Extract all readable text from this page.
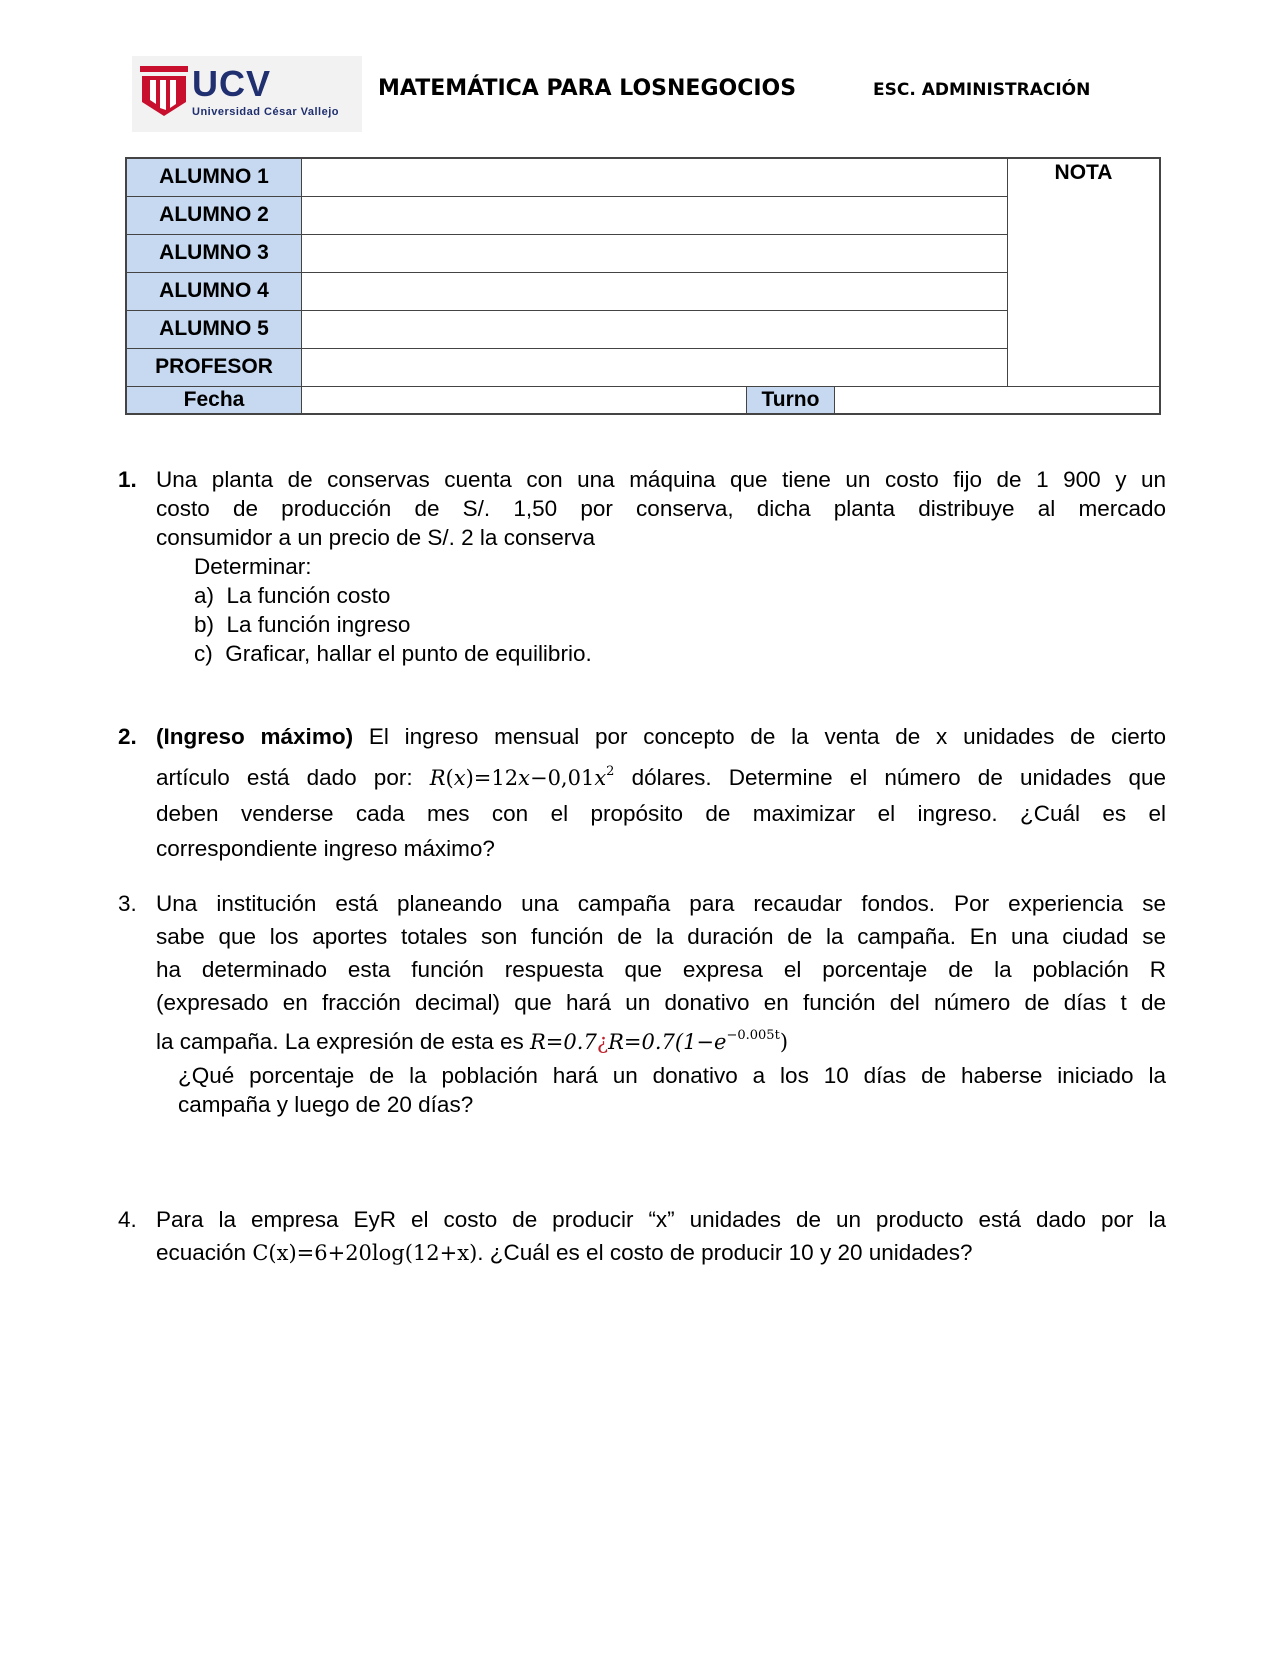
UCV
Universidad César Vallejo
MATEMÁTICA PARA LOSNEGOCIOS	ESC. ADMINISTRACIÓN
ALUMNO 1
ALUMNO 2
ALUMNO 3
ALUMNO 4
ALUMNO 5
PROFESOR
NOTA
Fecha	Turno
1. Una planta de conservas cuenta con una máquina que tiene un costo fijo de 1 900 y un
costo de producción de S/. 1,50 por conserva, dicha planta distribuye al mercado
consumidor a un precio de S/. 2 la conserva
Determinar:
a)  La función costo
b)  La función ingreso
c)  Graficar, hallar el punto de equilibrio.
2. (Ingreso máximo) El ingreso mensual por concepto de la venta de x unidades de cierto
artículo está dado por: $R(x)=12x-0,01x^2$ dólares. Determine el número de unidades que
deben venderse cada mes con el propósito de maximizar el ingreso. ¿Cuál es el
correspondiente ingreso máximo?
3. Una institución está planeando una campaña para recaudar fondos. Por experiencia se
sabe que los aportes totales son función de la duración de la campaña. En una ciudad se
ha determinado esta función respuesta que expresa el porcentaje de la población R
(expresado en fracción decimal) que hará un donativo en función del número de días t de
la campaña. La expresión de esta es $R=0.7¿R=0.7(1-e^{-0.005t})$
¿Qué porcentaje de la población hará un donativo a los 10 días de haberse iniciado la
campaña y luego de 20 días?
4. Para la empresa EyR el costo de producir “x” unidades de un producto está dado por la
ecuación C(x)=6+20log(12+x). ¿Cuál es el costo de producir 10 y 20 unidades?
